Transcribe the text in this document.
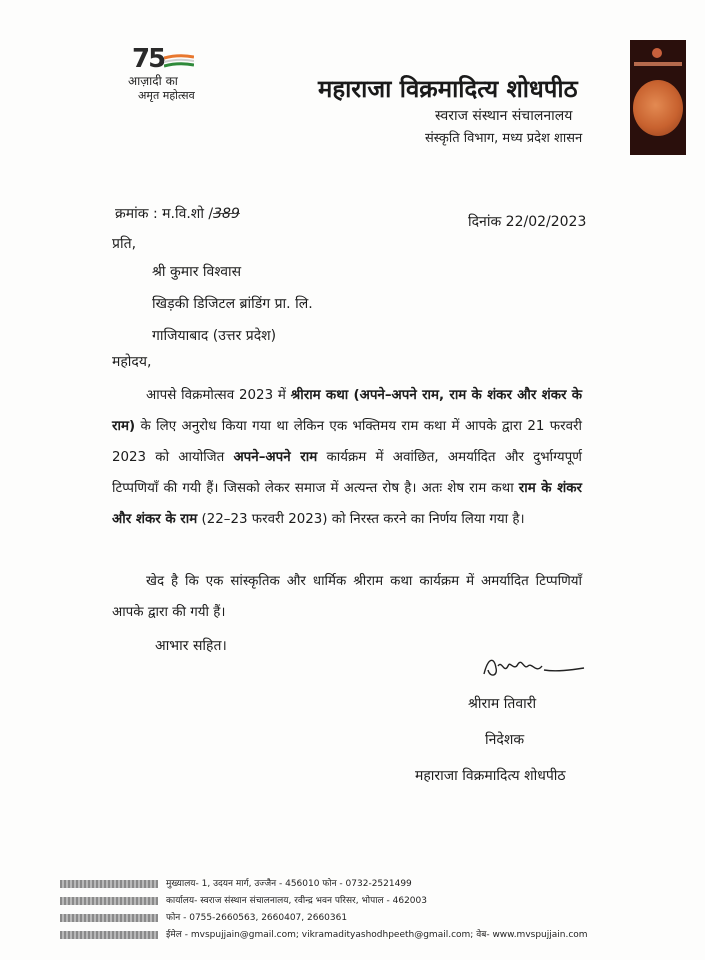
75
आज़ादी का
अमृत महोत्सव	महाराजा विक्रमादित्य शोधपीठ
स्वराज संस्थान संचालनालय
संस्कृति विभाग, मध्य प्रदेश शासन
क्रमांक : म.वि.शो /389	दिनांक 22/02/2023
प्रति,
श्री कुमार विश्वास
खिड़की डिजिटल ब्रांडिंग प्रा. लि.
गाजियाबाद (उत्तर प्रदेश)
महोदय,
आपसे विक्रमोत्सव 2023 में श्रीराम कथा (अपने–अपने राम, राम के शंकर और शंकर के राम) के लिए अनुरोध किया गया था लेकिन एक भक्तिमय राम कथा में आपके द्वारा 21 फरवरी 2023 को आयोजित अपने–अपने राम कार्यक्रम में अवांछित, अमर्यादित और दुर्भाग्यपूर्ण टिप्पणियाँ की गयी हैं। जिसको लेकर समाज में अत्यन्त रोष है। अतः शेष राम कथा राम के शंकर और शंकर के राम (22–23 फरवरी 2023) को निरस्त करने का निर्णय लिया गया है।
खेद है कि एक सांस्कृतिक और धार्मिक श्रीराम कथा कार्यक्रम में अमर्यादित टिप्पणियाँ आपके द्वारा की गयी हैं।
आभार सहित।
श्रीराम तिवारी
निदेशक
महाराजा विक्रमादित्य शोधपीठ
मुख्यालय- 1, उदयन मार्ग, उज्जैन - 456010 फोन - 0732-2521499
कार्यालय- स्वराज संस्थान संचालनालय, रवीन्द्र भवन परिसर, भोपाल - 462003
फोन - 0755-2660563, 2660407, 2660361
ईमेल - mvspujjain@gmail.com; vikramadityashodhpeeth@gmail.com; वेब- www.mvspujjain.com
